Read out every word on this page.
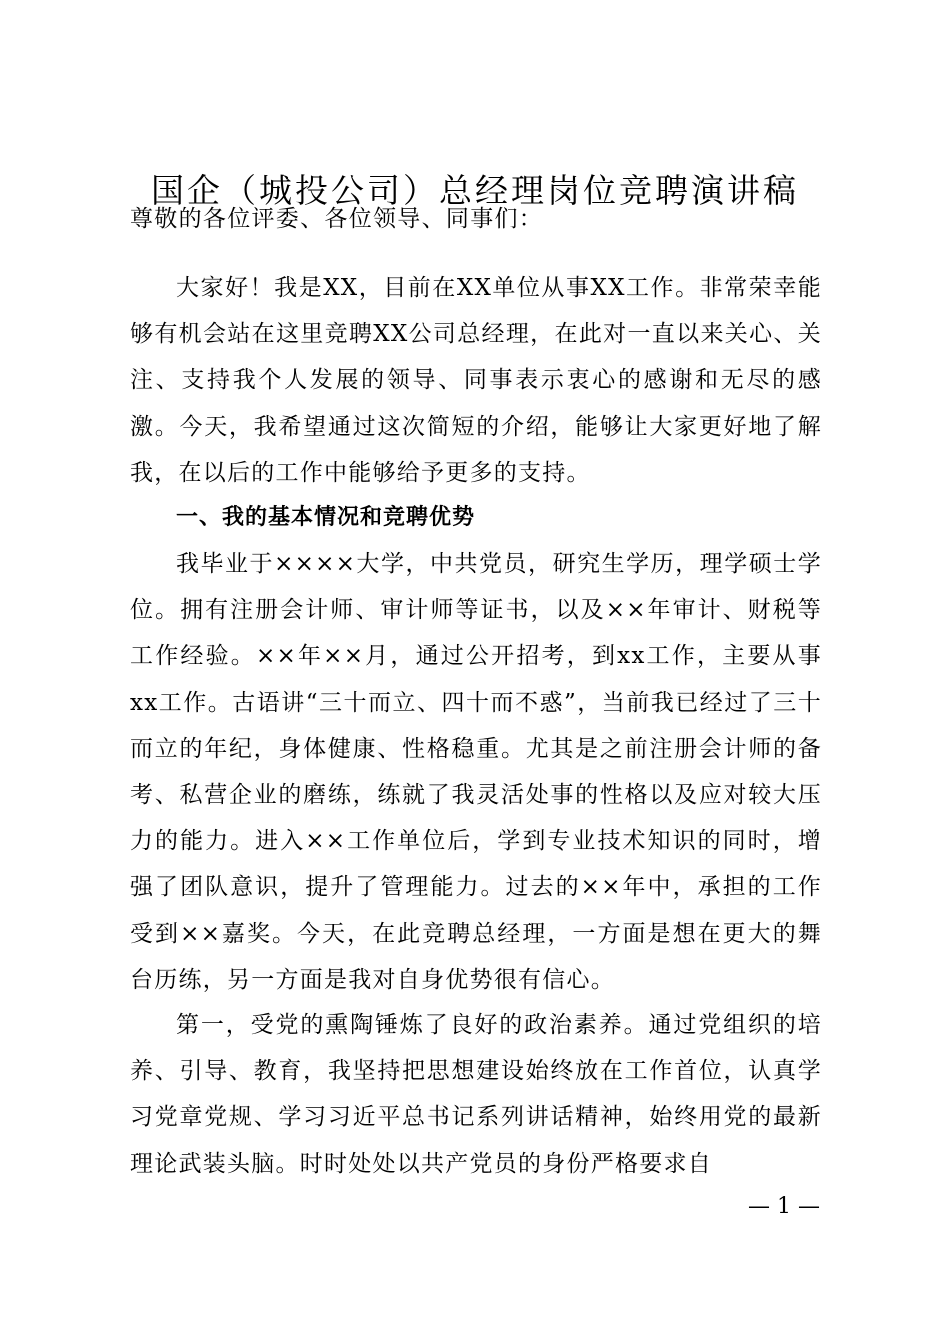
国企（城投公司）总经理岗位竞聘演讲稿
尊敬的各位评委、各位领导、同事们：

大家好！我是XX，目前在XX单位从事XX工作。非常荣幸能够有机会站在这里竞聘XX公司总经理，在此对一直以来关心、关注、支持我个人发展的领导、同事表示衷心的感谢和无尽的感激。今天，我希望通过这次简短的介绍，能够让大家更好地了解我，在以后的工作中能够给予更多的支持。

一、我的基本情况和竞聘优势

我毕业于××××大学，中共党员，研究生学历，理学硕士学位。拥有注册会计师、审计师等证书，以及××年审计、财税等工作经验。××年××月，通过公开招考，到xx工作，主要从事xx工作。古语讲“三十而立、四十而不惑”，当前我已经过了三十而立的年纪，身体健康、性格稳重。尤其是之前注册会计师的备考、私营企业的磨练，练就了我灵活处事的性格以及应对较大压力的能力。进入××工作单位后，学到专业技术知识的同时，增强了团队意识，提升了管理能力。过去的××年中，承担的工作受到××嘉奖。今天，在此竞聘总经理，一方面是想在更大的舞台历练，另一方面是我对自身优势很有信心。

第一，受党的熏陶锤炼了良好的政治素养。通过党组织的培养、引导、教育，我坚持把思想建设始终放在工作首位，认真学习党章党规、学习习近平总书记系列讲话精神，始终用党的最新理论武装头脑。时时处处以共产党员的身份严格要求自

— 1 —
